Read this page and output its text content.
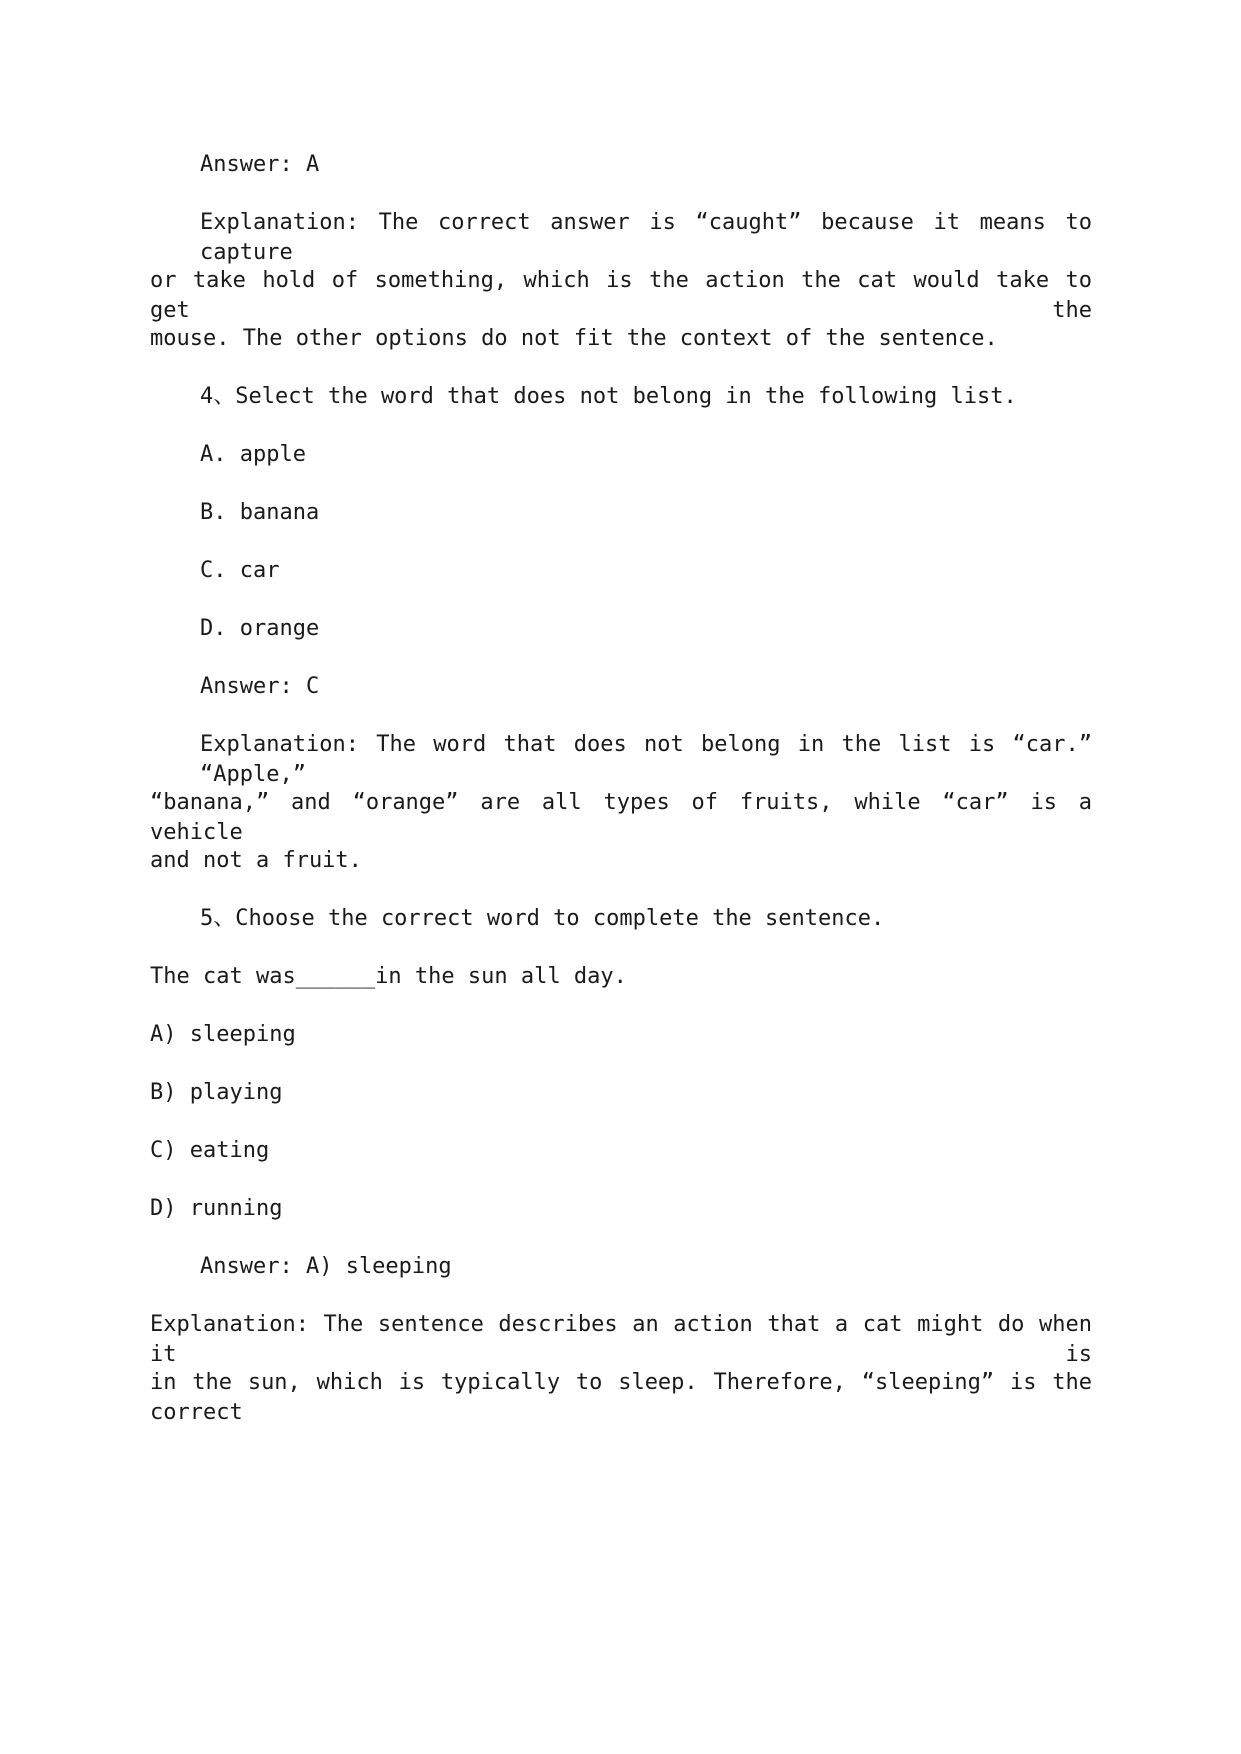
Answer: A

Explanation: The correct answer is “caught” because it means to capture

or take hold of something, which is the action the cat would take to get the

mouse. The other options do not fit the context of the sentence.

4、Select the word that does not belong in the following list.

A. apple

B. banana

C. car

D. orange

Answer: C

Explanation: The word that does not belong in the list is “car.” “Apple,”

“banana,” and “orange” are all types of fruits, while “car” is a vehicle

and not a fruit.

5、Choose the correct word to complete the sentence.

The cat was______in the sun all day.

A) sleeping

B) playing

C) eating

D) running

Answer: A) sleeping

Explanation: The sentence describes an action that a cat might do when it is

in the sun, which is typically to sleep. Therefore, “sleeping” is the correct
